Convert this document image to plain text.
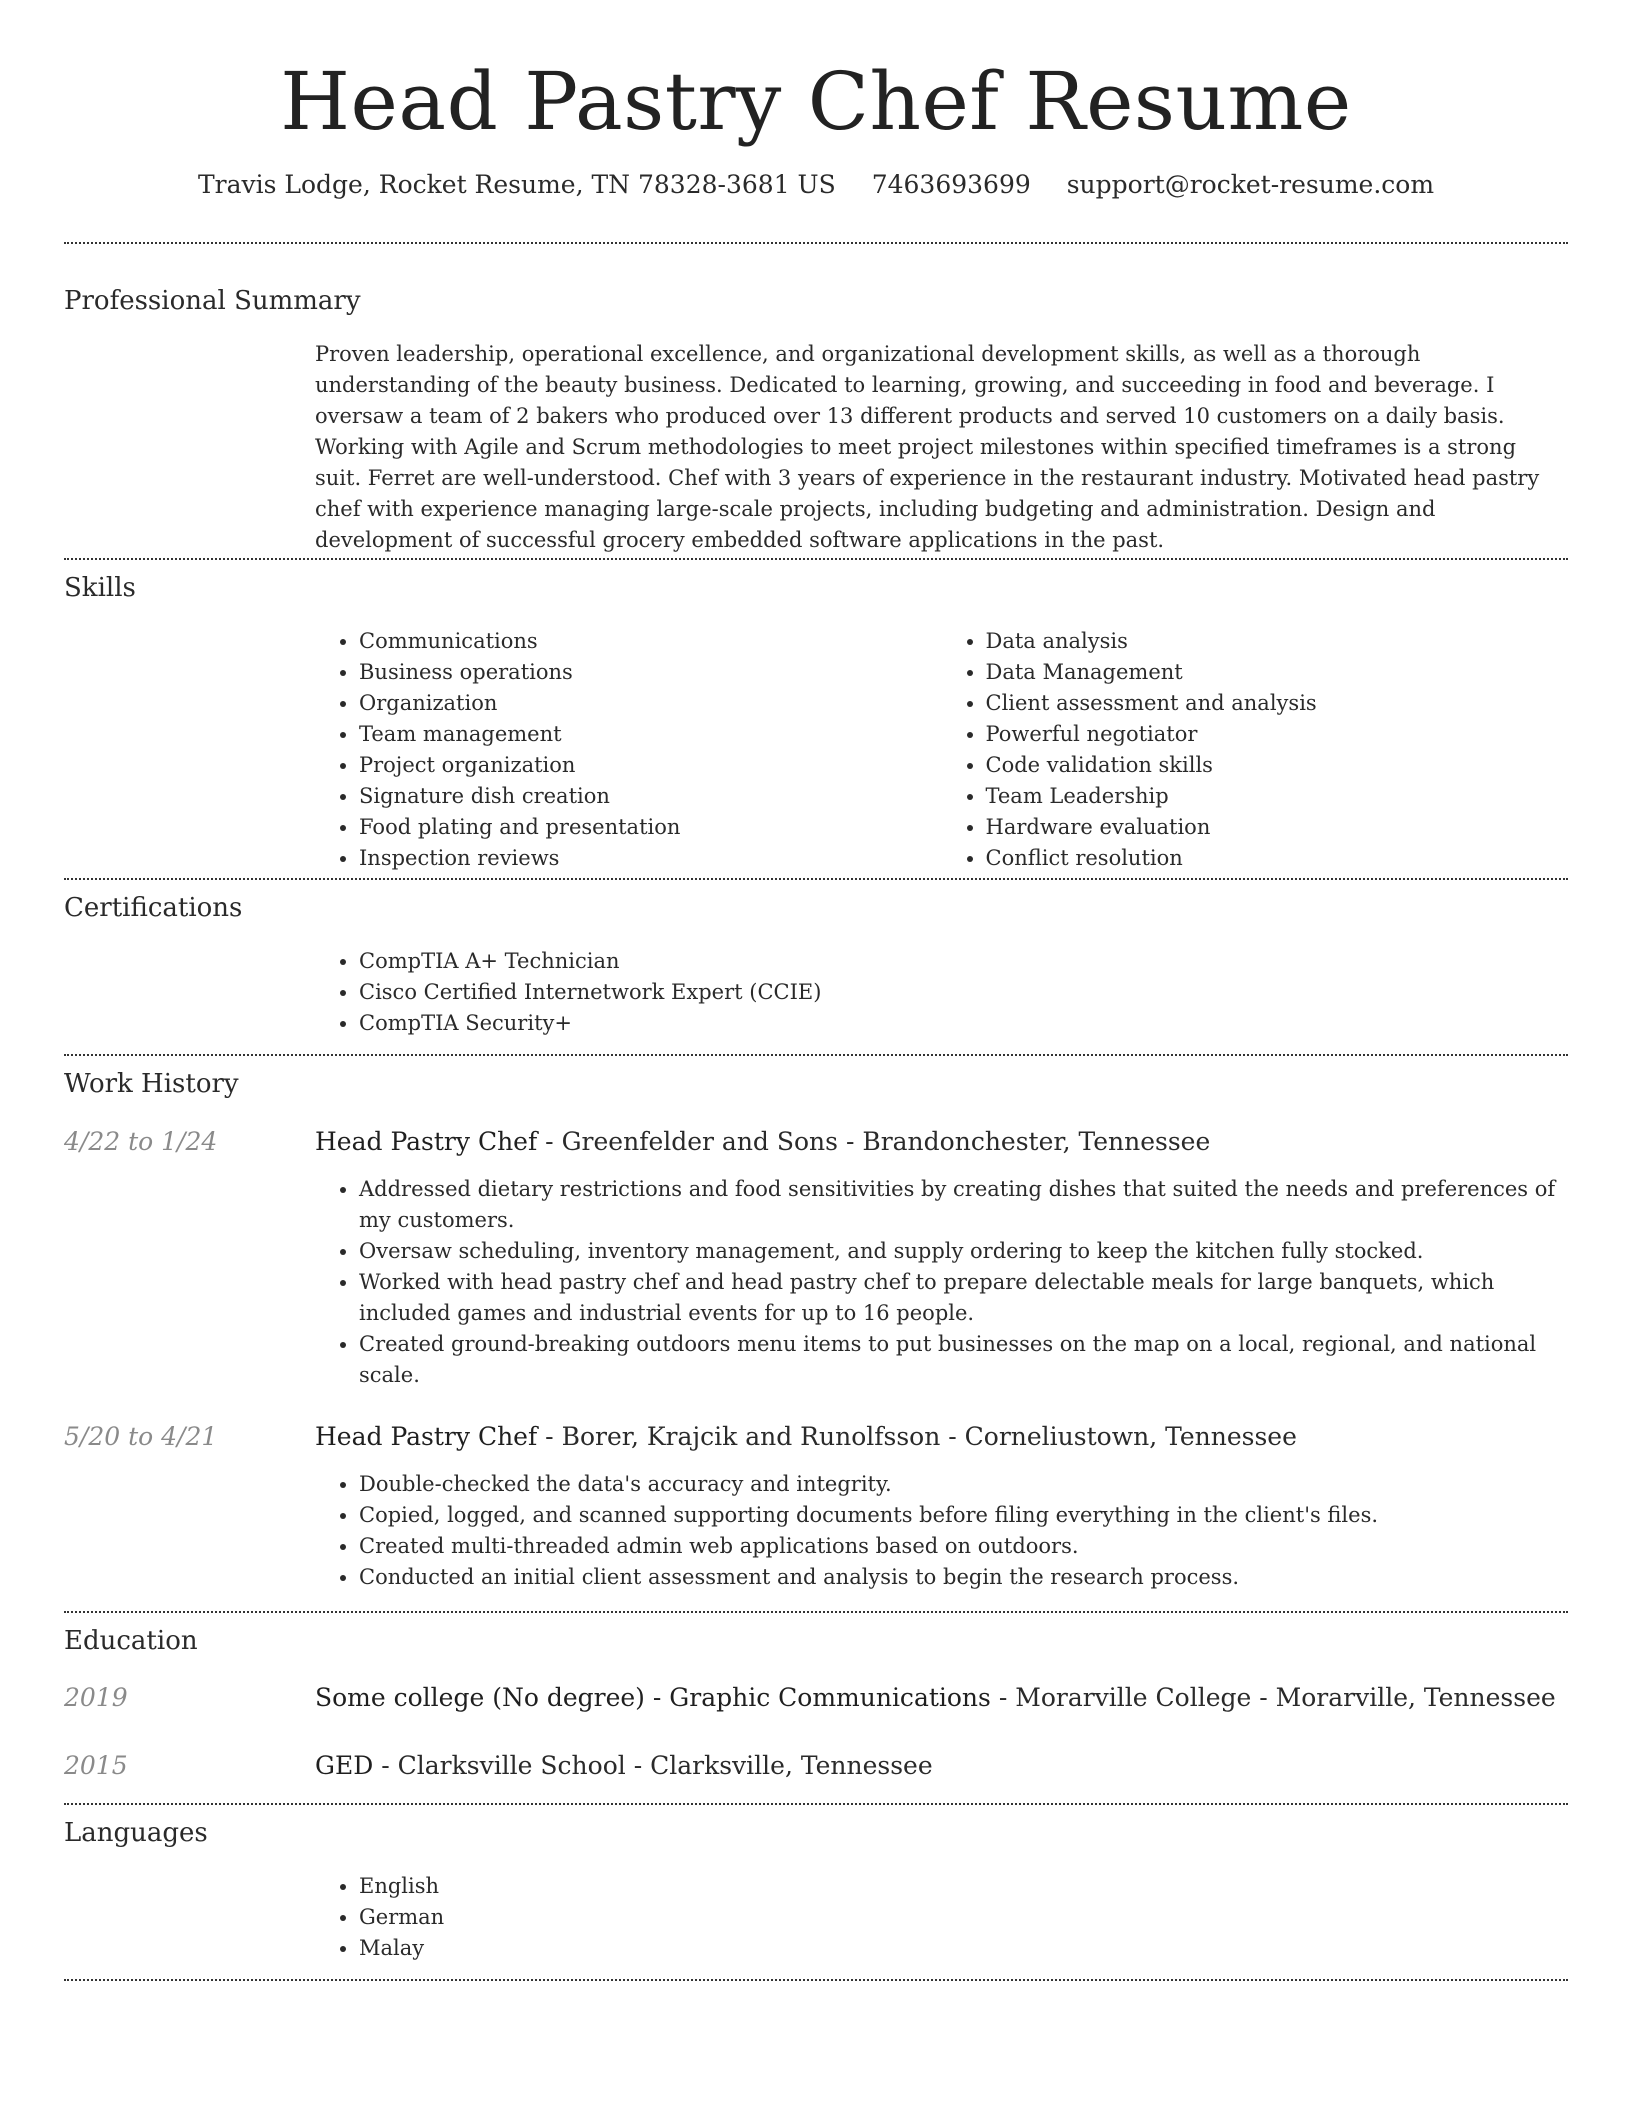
Head Pastry Chef Resume
Travis Lodge, Rocket Resume, TN 78328-3681 US 7463693699 support@rocket-resume.com
Professional Summary
Proven leadership, operational excellence, and organizational development skills, as well as a thorough understanding of the beauty business. Dedicated to learning, growing, and succeeding in food and beverage. I oversaw a team of 2 bakers who produced over 13 different products and served 10 customers on a daily basis. Working with Agile and Scrum methodologies to meet project milestones within specified timeframes is a strong suit. Ferret are well-understood. Chef with 3 years of experience in the restaurant industry. Motivated head pastry chef with experience managing large-scale projects, including budgeting and administration. Design and development of successful grocery embedded software applications in the past.
Skills
• Communications
• Business operations
• Organization
• Team management
• Project organization
• Signature dish creation
• Food plating and presentation
• Inspection reviews
• Data analysis
• Data Management
• Client assessment and analysis
• Powerful negotiator
• Code validation skills
• Team Leadership
• Hardware evaluation
• Conflict resolution
Certifications
• CompTIA A+ Technician
• Cisco Certified Internetwork Expert (CCIE)
• CompTIA Security+
Work History
4/22 to 1/24	Head Pastry Chef - Greenfelder and Sons - Brandonchester, Tennessee
• Addressed dietary restrictions and food sensitivities by creating dishes that suited the needs and preferences of my customers.
• Oversaw scheduling, inventory management, and supply ordering to keep the kitchen fully stocked.
• Worked with head pastry chef and head pastry chef to prepare delectable meals for large banquets, which included games and industrial events for up to 16 people.
• Created ground-breaking outdoors menu items to put businesses on the map on a local, regional, and national scale.
5/20 to 4/21	Head Pastry Chef - Borer, Krajcik and Runolfsson - Corneliustown, Tennessee
• Double-checked the data's accuracy and integrity.
• Copied, logged, and scanned supporting documents before filing everything in the client's files.
• Created multi-threaded admin web applications based on outdoors.
• Conducted an initial client assessment and analysis to begin the research process.
Education
2019	Some college (No degree) - Graphic Communications - Morarville College - Morarville, Tennessee
2015	GED - Clarksville School - Clarksville, Tennessee
Languages
• English
• German
• Malay
